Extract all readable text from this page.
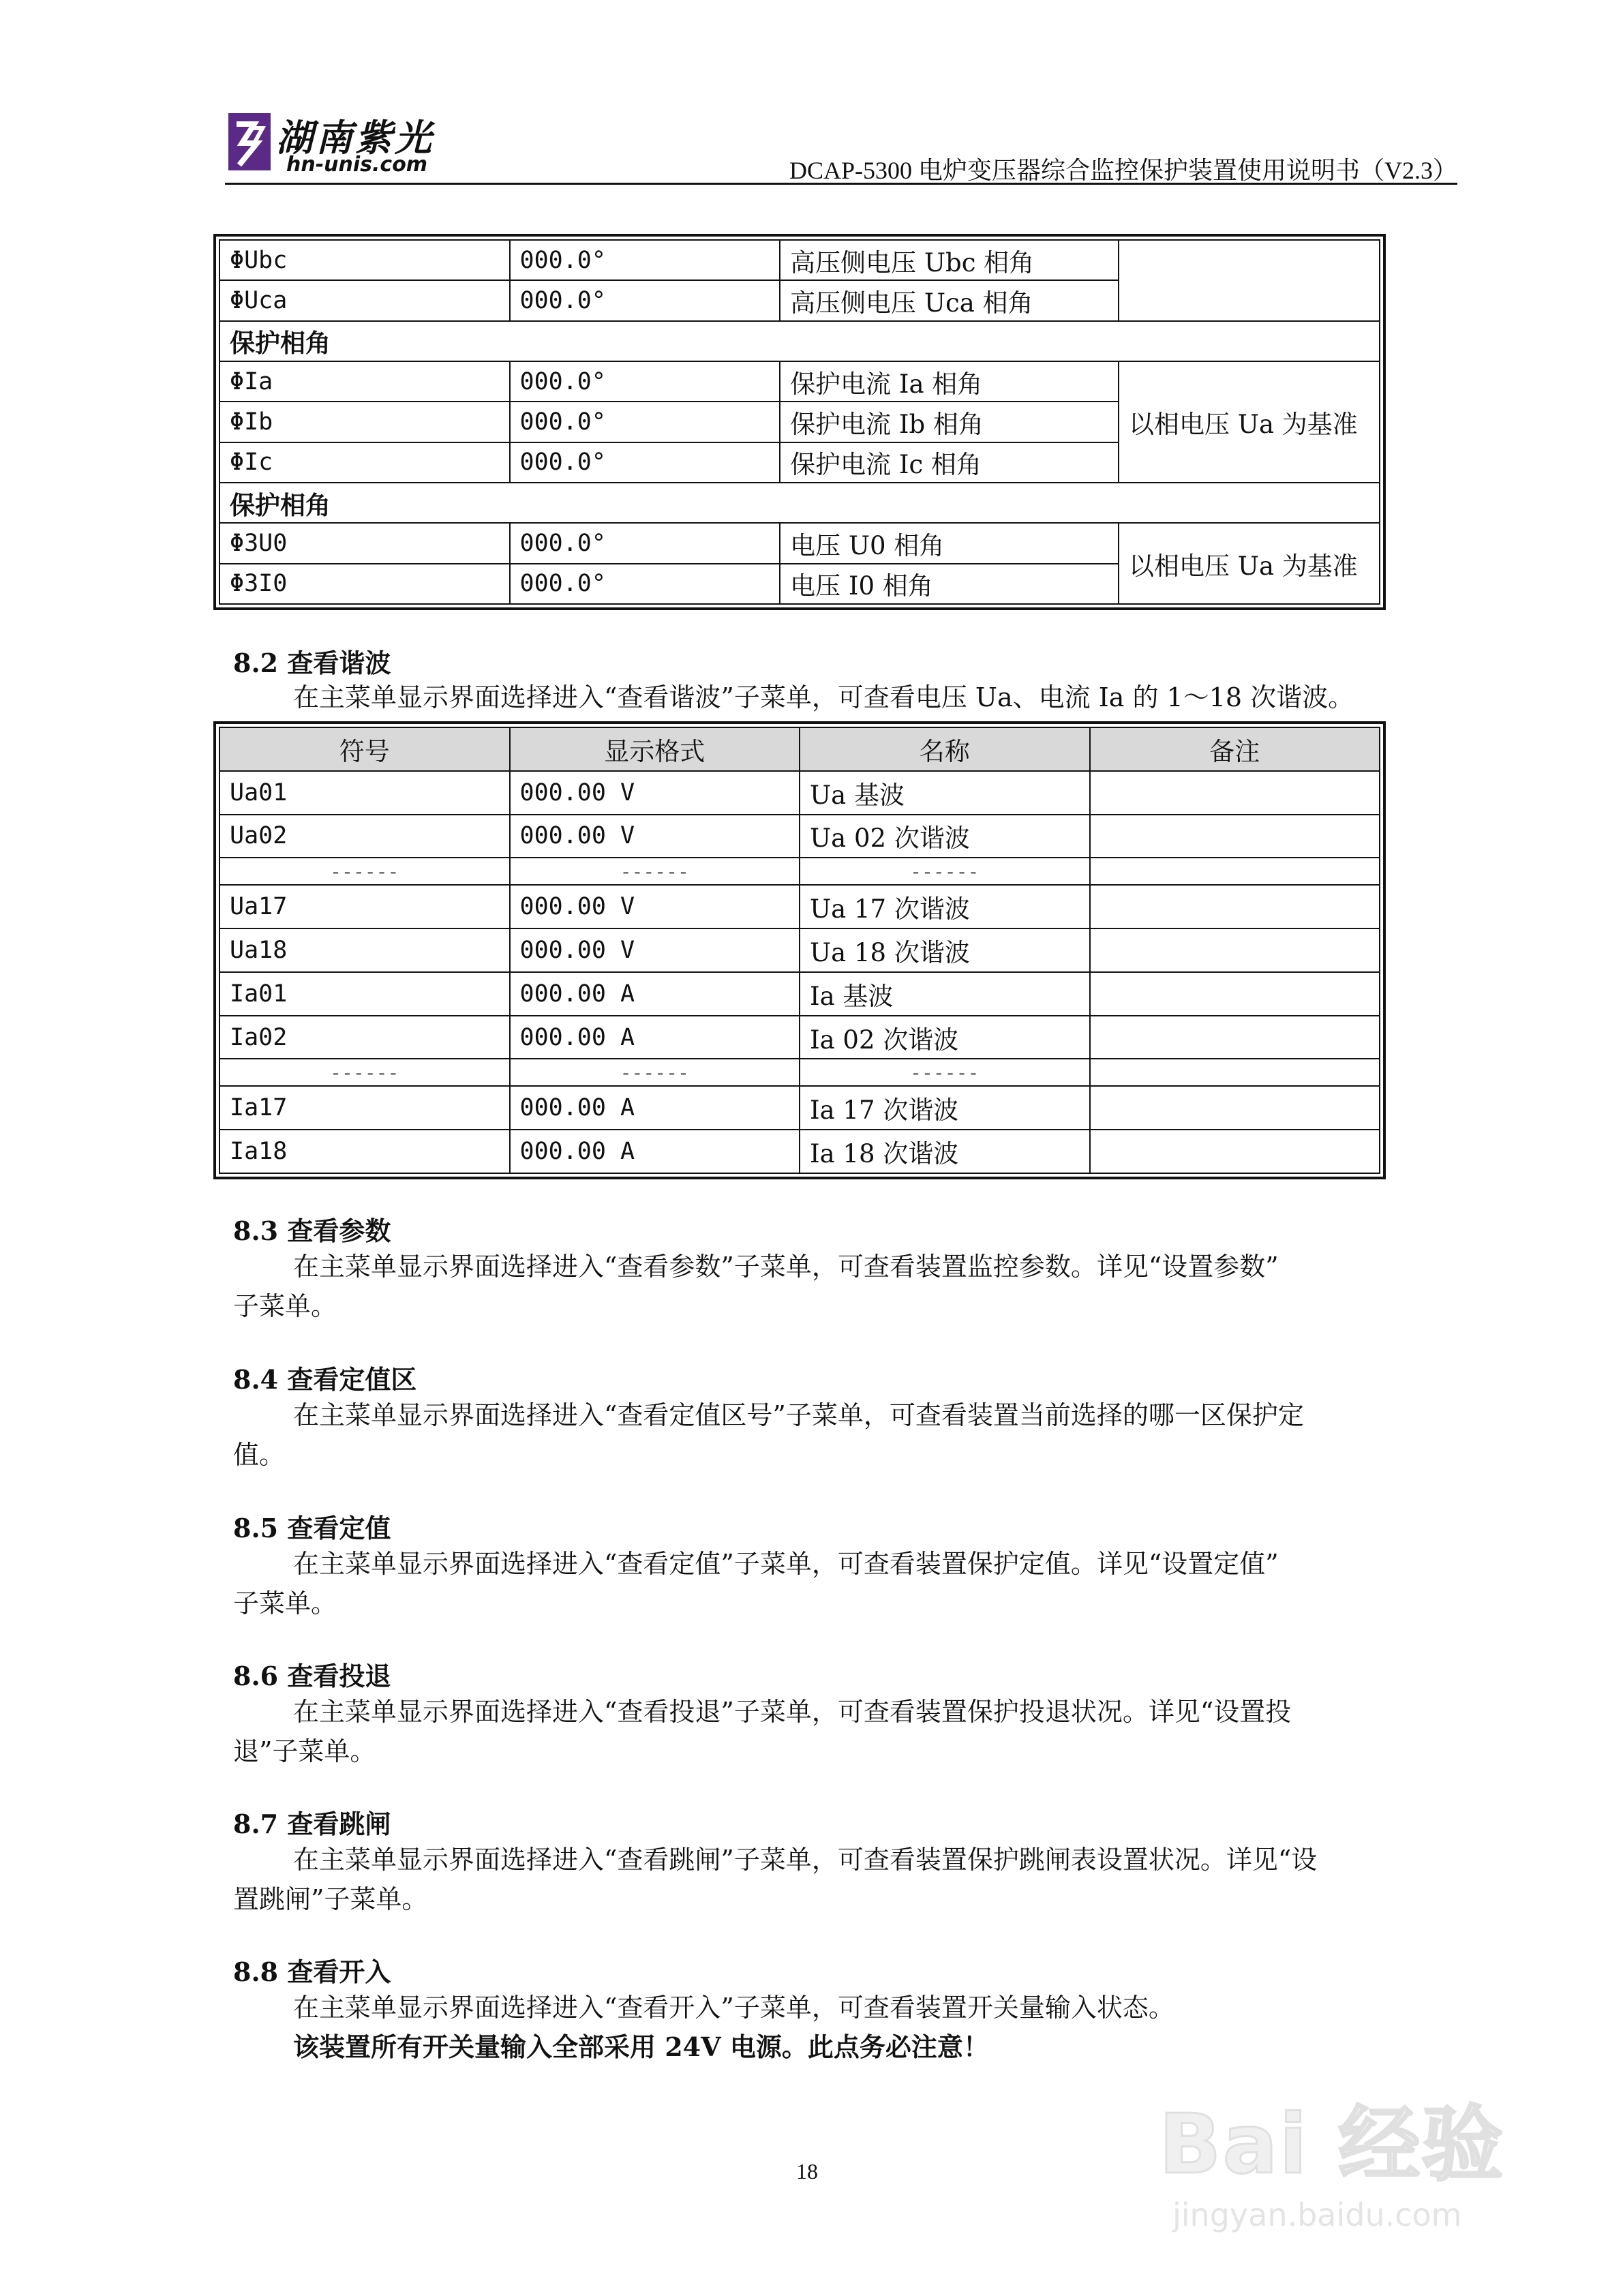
湖南紫光
hn-unis.com	DCAP-5300 电炉变压器综合监控保护装置使用说明书（V2.3）
ΦUbc	000.0°	高压侧电压 Ubc 相角	
ΦUca	000.0°	高压侧电压 Uca 相角	
保护相角			
ΦIa	000.0°	保护电流 Ia 相角	以相电压 Ua 为基准
ΦIb	000.0°	保护电流 Ib 相角	
ΦIc	000.0°	保护电流 Ic 相角	
保护相角			
Φ3U0	000.0°	电压 U0 相角	以相电压 Ua 为基准
Φ3I0	000.0°	电压 I0 相角	
8.2 查看谐波
在主菜单显示界面选择进入“查看谐波”子菜单，可查看电压 Ua、电流 Ia 的 1～18 次谐波。
符号	显示格式	名称	备注
Ua01	000.00 V	Ua 基波	
Ua02	000.00 V	Ua 02 次谐波	
------	------	------	
Ua17	000.00 V	Ua 17 次谐波	
Ua18	000.00 V	Ua 18 次谐波	
Ia01	000.00 A	Ia 基波	
Ia02	000.00 A	Ia 02 次谐波	
------	------	------	
Ia17	000.00 A	Ia 17 次谐波	
Ia18	000.00 A	Ia 18 次谐波	
8.3 查看参数
在主菜单显示界面选择进入“查看参数”子菜单，可查看装置监控参数。详见“设置参数”
子菜单。
8.4 查看定值区
在主菜单显示界面选择进入“查看定值区号”子菜单，可查看装置当前选择的哪一区保护定
值。
8.5 查看定值
在主菜单显示界面选择进入“查看定值”子菜单，可查看装置保护定值。详见“设置定值”
子菜单。
8.6 查看投退
在主菜单显示界面选择进入“查看投退”子菜单，可查看装置保护投退状况。详见“设置投
退”子菜单。
8.7 查看跳闸
在主菜单显示界面选择进入“查看跳闸”子菜单，可查看装置保护跳闸表设置状况。详见“设
置跳闸”子菜单。
8.8 查看开入
在主菜单显示界面选择进入“查看开入”子菜单，可查看装置开关量输入状态。
该装置所有开关量输入全部采用 24V 电源。此点务必注意！
18	Bai 经验
jingyan.baidu.com
